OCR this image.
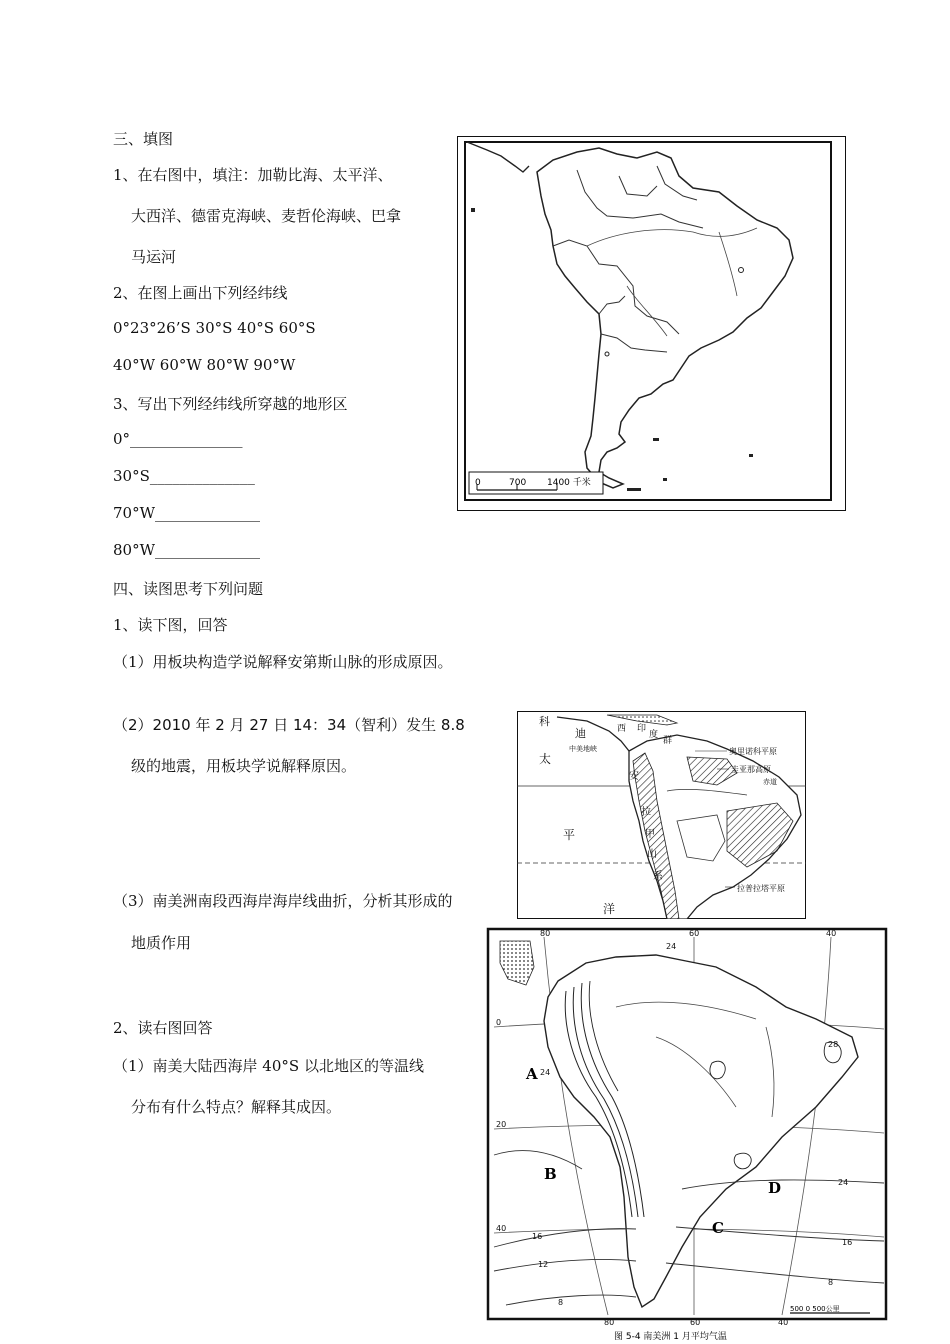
三、填图
1、在右图中，填注：加勒比海、太平洋、
大西洋、德雷克海峡、麦哲伦海峡、巴拿
马运河
2、在图上画出下列经纬线
0°23°26’S 30°S 40°S 60°S
40°W 60°W 80°W 90°W
3、写出下列经纬线所穿越的地形区
0°_______________
30°S______________
70°W______________
80°W______________
四、读图思考下列问题
1、读下图，回答
（1）用板块构造学说解释安第斯山脉的形成原因。
（2）2010 年 2 月 27 日 14：34（智利）发生 8.8
级的地震，用板块学说解释原因。
（3）南美洲南段西海岸海岸线曲折，分析其形成的
地质作用
2、读右图回答
（1）南美大陆西海岸 40°S 以北地区的等温线
分布有什么特点？解释其成因。
0	700 1400 千米
科
迪
中美地峡
西 印
度
群
奥里诺科平原
圭亚那高原
赤道
太
安
平
拉
甲
山
系
洋
拉普拉塔平原
80	60	40
0
20
40
80	60	40
24
28
24
24
16
16
12
8
8
500 0 500公里
A
B
C
D
图 5-4 南美洲 1 月平均气温
